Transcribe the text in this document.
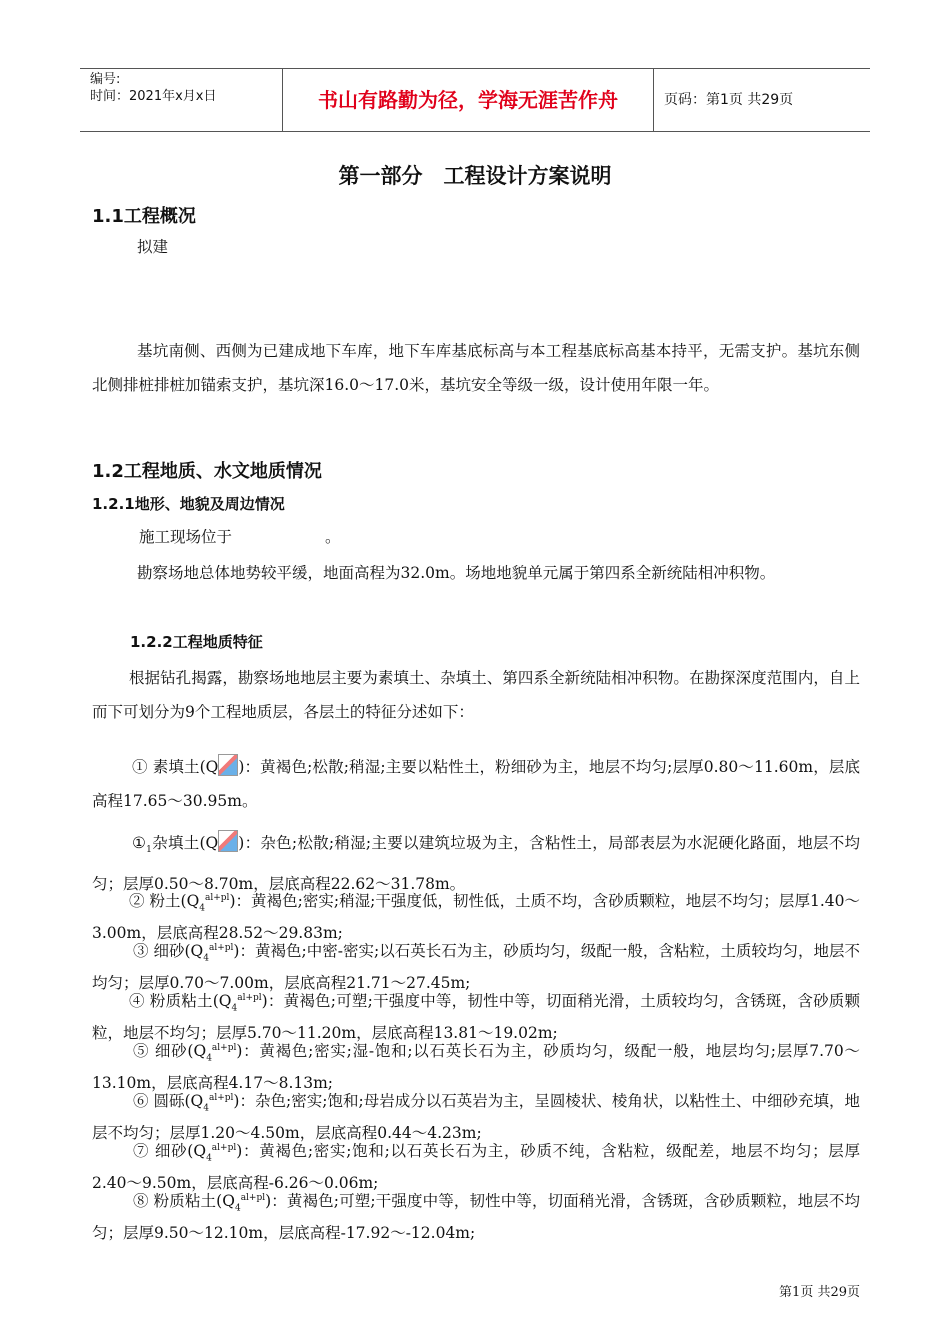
编号:
时间：2021年x月x日	书山有路勤为径，学海无涯苦作舟	页码：第1页 共29页
第一部分　工程设计方案说明
1.1工程概况
拟建
基坑南侧、西侧为已建成地下车库，地下车库基底标高与本工程基底标高基本持平，无需支护。基坑东侧北侧排桩排桩加锚索支护，基坑深16.0～17.0米，基坑安全等级一级，设计使用年限一年。
1.2工程地质、水文地质情况
1.2.1地形、地貌及周边情况
施工现场位于　　　　　　。
勘察场地总体地势较平缓，地面高程为32.0m。场地地貌单元属于第四系全新统陆相冲积物。
1.2.2工程地质特征
根据钻孔揭露，勘察场地地层主要为素填土、杂填土、第四系全新统陆相冲积物。在勘探深度范围内，自上而下可划分为9个工程地质层，各层土的特征分述如下：
① 素填土(Q )：黄褐色;松散;稍湿;主要以粘性土，粉细砂为主，地层不均匀;层厚0.80～11.60m，层底高程17.65～30.95m。
$①_1$杂填土(Q )：杂色;松散;稍湿;主要以建筑垃圾为主，含粘性土，局部表层为水泥硬化路面，地层不均匀；层厚0.50～8.70m，层底高程22.62～31.78m。
② 粉土$(Q_4^{al+pl})$：黄褐色;密实;稍湿;干强度低，韧性低，土质不均，含砂质颗粒，地层不均匀；层厚1.40～3.00m，层底高程28.52～29.83m;
③ 细砂$(Q_4^{al+pl})$：黄褐色;中密-密实;以石英长石为主，砂质均匀，级配一般，含粘粒，土质较均匀，地层不均匀；层厚0.70～7.00m，层底高程21.71～27.45m;
④ 粉质粘土$(Q_4^{al+pl})$：黄褐色;可塑;干强度中等，韧性中等，切面稍光滑，土质较均匀，含锈斑，含砂质颗粒，地层不均匀；层厚5.70～11.20m，层底高程13.81～19.02m;
⑤ 细砂$(Q_4^{al+pl})$：黄褐色;密实;湿-饱和;以石英长石为主，砂质均匀，级配一般，地层均匀;层厚7.70～13.10m，层底高程4.17～8.13m;
⑥ 圆砾$(Q_4^{al+pl})$：杂色;密实;饱和;母岩成分以石英岩为主，呈圆棱状、棱角状，以粘性土、中细砂充填，地层不均匀；层厚1.20～4.50m，层底高程0.44～4.23m;
⑦ 细砂$(Q_4^{al+pl})$：黄褐色;密实;饱和;以石英长石为主，砂质不纯，含粘粒，级配差，地层不均匀；层厚2.40～9.50m，层底高程-6.26～0.06m;
⑧ 粉质粘土$(Q_4^{al+pl})$：黄褐色;可塑;干强度中等，韧性中等，切面稍光滑，含锈斑，含砂质颗粒，地层不均匀；层厚9.50～12.10m，层底高程-17.92～-12.04m;
第1页 共29页
